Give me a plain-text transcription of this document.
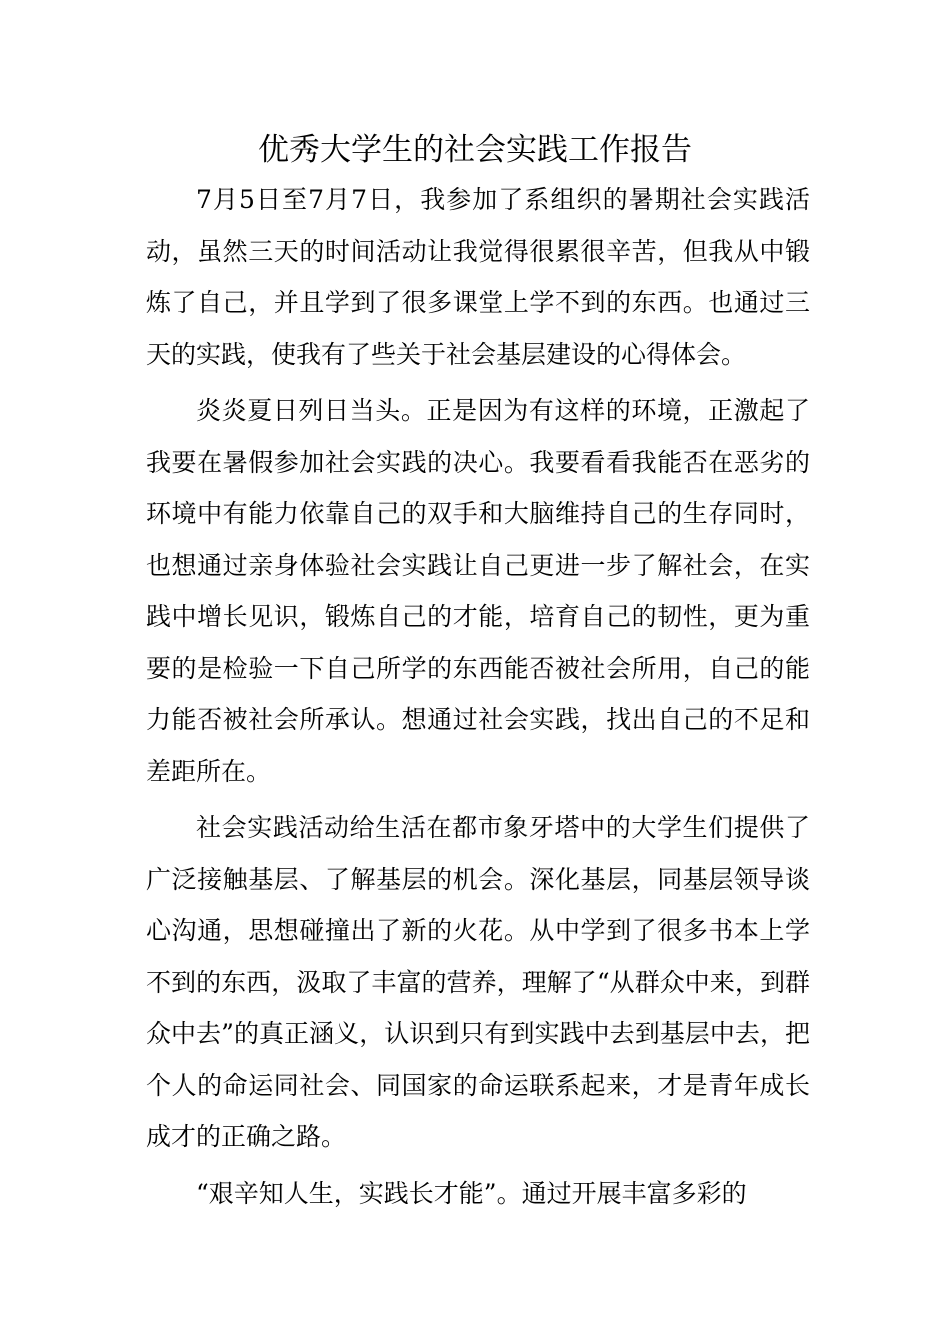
优秀大学生的社会实践工作报告

7月5日至7月7日，我参加了系组织的暑期社会实践活动，虽然三天的时间活动让我觉得很累很辛苦，但我从中锻炼了自己，并且学到了很多课堂上学不到的东西。也通过三天的实践，使我有了些关于社会基层建设的心得体会。

炎炎夏日列日当头。正是因为有这样的环境，正激起了我要在暑假参加社会实践的决心。我要看看我能否在恶劣的环境中有能力依靠自己的双手和大脑维持自己的生存同时，也想通过亲身体验社会实践让自己更进一步了解社会，在实践中增长见识，锻炼自己的才能，培育自己的韧性，更为重要的是检验一下自己所学的东西能否被社会所用，自己的能力能否被社会所承认。想通过社会实践，找出自己的不足和差距所在。

社会实践活动给生活在都市象牙塔中的大学生们提供了广泛接触基层、了解基层的机会。深化基层，同基层领导谈心沟通，思想碰撞出了新的火花。从中学到了很多书本上学不到的东西，汲取了丰富的营养，理解了“从群众中来，到群众中去”的真正涵义，认识到只有到实践中去到基层中去，把个人的命运同社会、同国家的命运联系起来，才是青年成长成才的正确之路。

“艰辛知人生，实践长才能”。通过开展丰富多彩的
